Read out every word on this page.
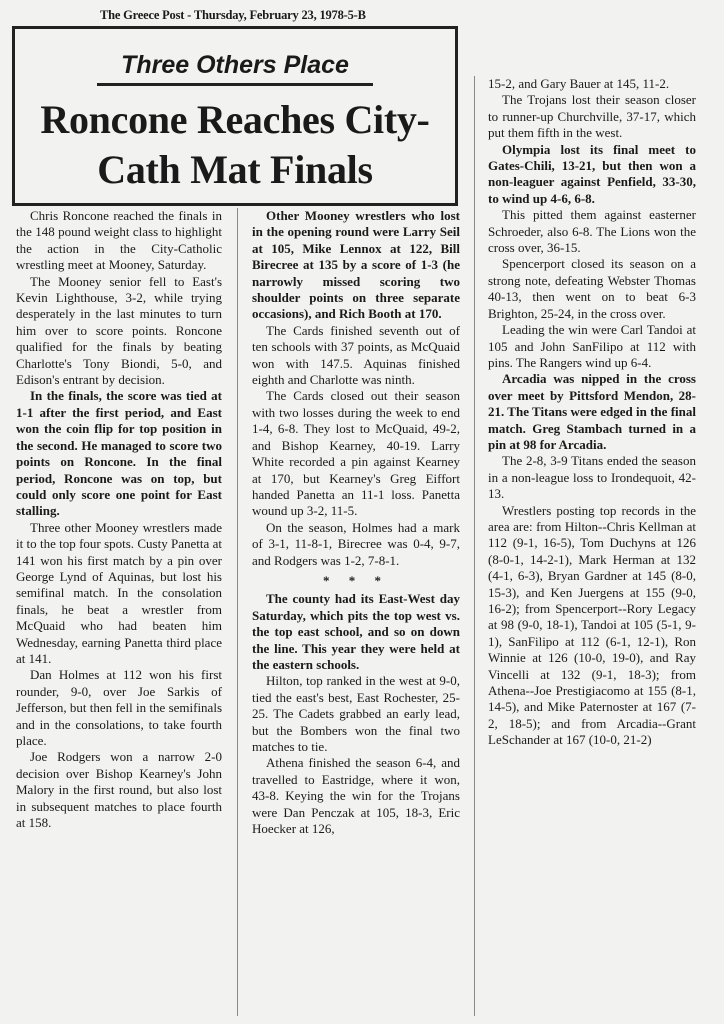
The Greece Post - Thursday, February 23, 1978-5-B
Three Others Place
Roncone Reaches City-Cath Mat Finals

Chris Roncone reached the finals in the 148 pound weight class to highlight the action in the City-Catholic wrestling meet at Mooney, Saturday.

The Mooney senior fell to East's Kevin Lighthouse, 3-2, while trying desperately in the last minutes to turn him over to score points. Roncone qualified for the finals by beating Charlotte's Tony Biondi, 5-0, and Edison's entrant by decision.

In the finals, the score was tied at 1-1 after the first period, and East won the coin flip for top position in the second. He managed to score two points on Roncone. In the final period, Roncone was on top, but could only score one point for East stalling.

Three other Mooney wrestlers made it to the top four spots. Custy Panetta at 141 won his first match by a pin over George Lynd of Aquinas, but lost his semifinal match. In the consolation finals, he beat a wrestler from McQuaid who had beaten him Wednesday, earning Panetta third place at 141.

Dan Holmes at 112 won his first rounder, 9-0, over Joe Sarkis of Jefferson, but then fell in the semifinals and in the consolations, to take fourth place.

Joe Rodgers won a narrow 2-0 decision over Bishop Kearney's John Malory in the first round, but also lost in subsequent matches to place fourth at 158.

Other Mooney wrestlers who lost in the opening round were Larry Seil at 105, Mike Lennox at 122, Bill Birecree at 135 by a score of 1-3 (he narrowly missed scoring two shoulder points on three separate occasions), and Rich Booth at 170.

The Cards finished seventh out of ten schools with 37 points, as McQuaid won with 147.5. Aquinas finished eighth and Charlotte was ninth.

The Cards closed out their season with two losses during the week to end 1-4, 6-8. They lost to McQuaid, 49-2, and Bishop Kearney, 40-19. Larry White recorded a pin against Kearney at 170, but Kearney's Greg Eiffort handed Panetta an 11-1 loss. Panetta wound up 3-2, 11-5.

On the season, Holmes had a mark of 3-1, 11-8-1, Birecree was 0-4, 9-7, and Rodgers was 1-2, 7-8-1.

* * *

The county had its East-West day Saturday, which pits the top west vs. the top east school, and so on down the line. This year they were held at the eastern schools.

Hilton, top ranked in the west at 9-0, tied the east's best, East Rochester, 25-25. The Cadets grabbed an early lead, but the Bombers won the final two matches to tie.

Athena finished the season 6-4, and travelled to Eastridge, where it won, 43-8. Keying the win for the Trojans were Dan Penczak at 105, 18-3, Eric Hoecker at 126,

15-2, and Gary Bauer at 145, 11-2.

The Trojans lost their season closer to runner-up Churchville, 37-17, which put them fifth in the west.

Olympia lost its final meet to Gates-Chili, 13-21, but then won a non-leaguer against Penfield, 33-30, to wind up 4-6, 6-8.

This pitted them against easterner Schroeder, also 6-8. The Lions won the cross over, 36-15.

Spencerport closed its season on a strong note, defeating Webster Thomas 40-13, then went on to beat 6-3 Brighton, 25-24, in the cross over.

Leading the win were Carl Tandoi at 105 and John SanFilipo at 112 with pins. The Rangers wind up 6-4.

Arcadia was nipped in the cross over meet by Pittsford Mendon, 28-21. The Titans were edged in the final match. Greg Stambach turned in a pin at 98 for Arcadia.

The 2-8, 3-9 Titans ended the season in a non-league loss to Irondequoit, 42-13.

Wrestlers posting top records in the area are: from Hilton--Chris Kellman at 112 (9-1, 16-5), Tom Duchyns at 126 (8-0-1, 14-2-1), Mark Herman at 132 (4-1, 6-3), Bryan Gardner at 145 (8-0, 15-3), and Ken Juergens at 155 (9-0, 16-2); from Spencerport--Rory Legacy at 98 (9-0, 18-1), Tandoi at 105 (5-1, 9-1), SanFilipo at 112 (6-1, 12-1), Ron Winnie at 126 (10-0, 19-0), and Ray Vincelli at 132 (9-1, 18-3); from Athena--Joe Prestigiacomo at 155 (8-1, 14-5), and Mike Paternoster at 167 (7-2, 18-5); and from Arcadia--Grant LeSchander at 167 (10-0, 21-2)
